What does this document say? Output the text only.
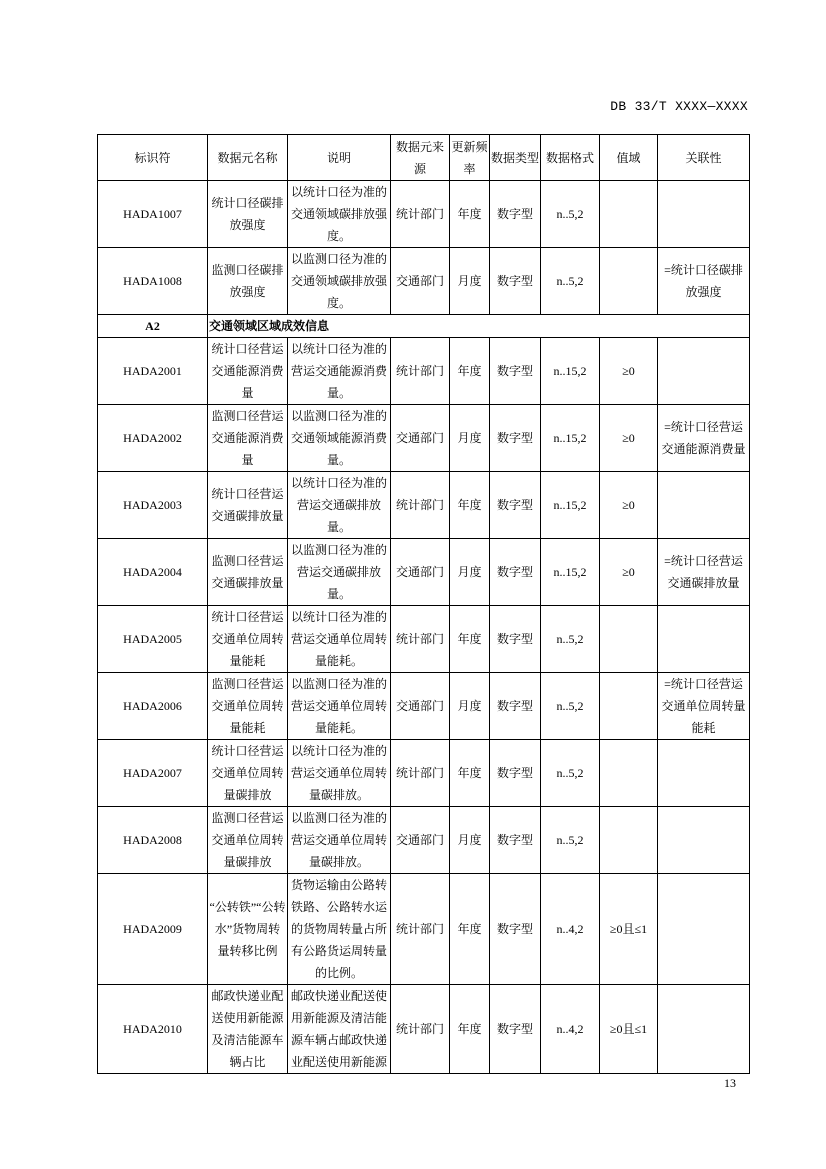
DB 33/T XXXX—XXXX
标识符	数据元名称	说明	数据元来源	更新频率	数据类型	数据格式	值域	关联性
HADA1007	统计口径碳排放强度	以统计口径为准的交通领域碳排放强度。	统计部门	年度	数字型	n..5,2		
HADA1008	监测口径碳排放强度	以监测口径为准的交通领域碳排放强度。	交通部门	月度	数字型	n..5,2		=统计口径碳排放强度
A2	交通领域区域成效信息							
HADA2001	统计口径营运交通能源消费量	以统计口径为准的营运交通能源消费量。	统计部门	年度	数字型	n..15,2	≥0	
HADA2002	监测口径营运交通能源消费量	以监测口径为准的交通领域能源消费量。	交通部门	月度	数字型	n..15,2	≥0	=统计口径营运交通能源消费量
HADA2003	统计口径营运交通碳排放量	以统计口径为准的营运交通碳排放量。	统计部门	年度	数字型	n..15,2	≥0	
HADA2004	监测口径营运交通碳排放量	以监测口径为准的营运交通碳排放量。	交通部门	月度	数字型	n..15,2	≥0	=统计口径营运交通碳排放量
HADA2005	统计口径营运交通单位周转量能耗	以统计口径为准的营运交通单位周转量能耗。	统计部门	年度	数字型	n..5,2		
HADA2006	监测口径营运交通单位周转量能耗	以监测口径为准的营运交通单位周转量能耗。	交通部门	月度	数字型	n..5,2		=统计口径营运交通单位周转量能耗
HADA2007	统计口径营运交通单位周转量碳排放	以统计口径为准的营运交通单位周转量碳排放。	统计部门	年度	数字型	n..5,2		
HADA2008	监测口径营运交通单位周转量碳排放	以监测口径为准的营运交通单位周转量碳排放。	交通部门	月度	数字型	n..5,2		
HADA2009	“公转铁”“公转水”货物周转量转移比例	货物运输由公路转铁路、公路转水运的货物周转量占所有公路货运周转量的比例。	统计部门	年度	数字型	n..4,2	≥0且≤1	
HADA2010	邮政快递业配送使用新能源及清洁能源车辆占比	邮政快递业配送使用新能源及清洁能源车辆占邮政快递业配送使用新能源	统计部门	年度	数字型	n..4,2	≥0且≤1	
13
